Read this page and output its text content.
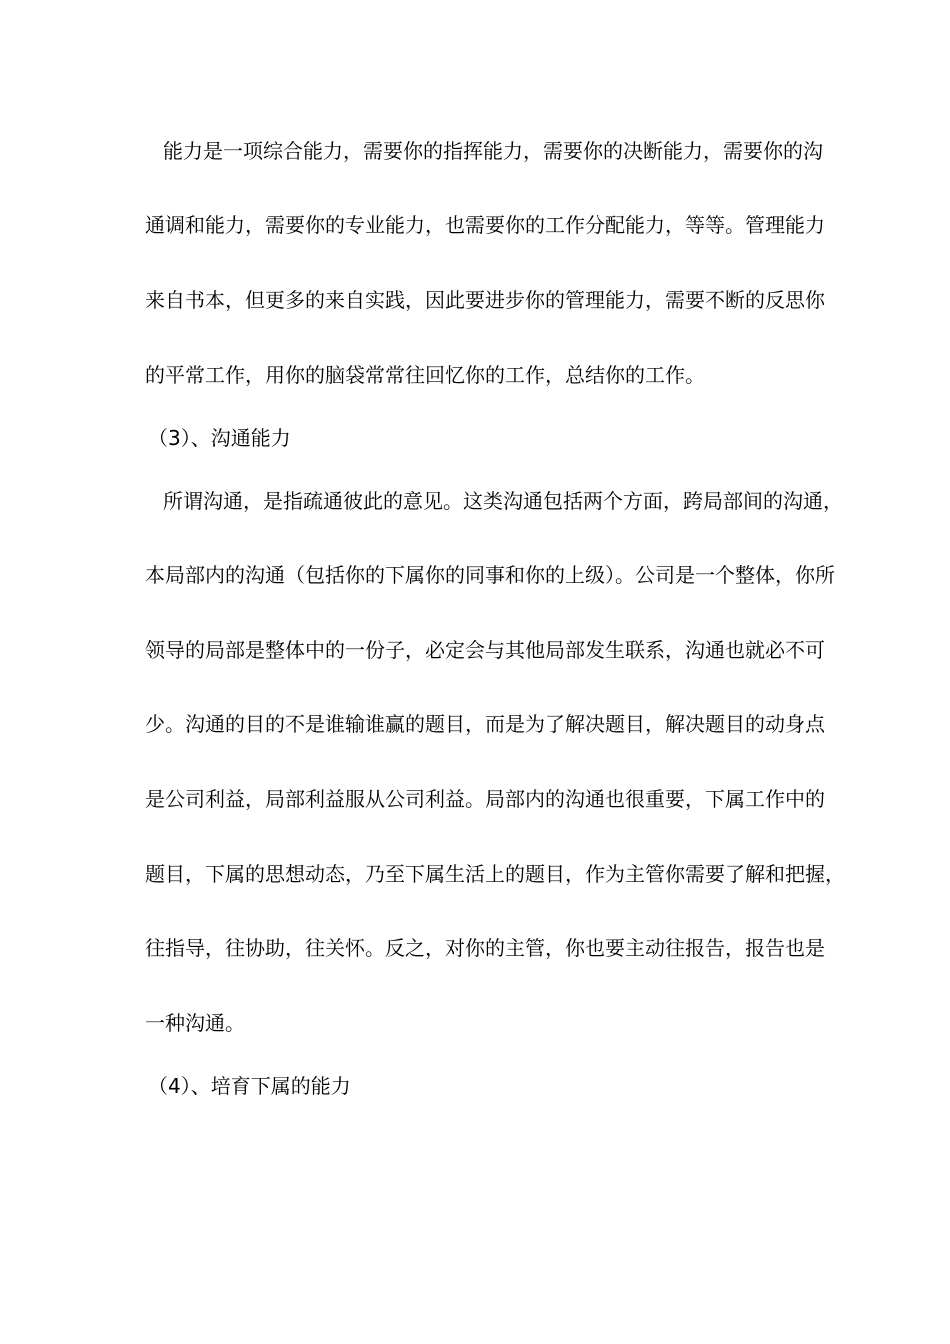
能力是一项综合能力，需要你的指挥能力，需要你的决断能力，需要你的沟
通调和能力，需要你的专业能力，也需要你的工作分配能力，等等。管理能力
来自书本，但更多的来自实践，因此要进步你的管理能力，需要不断的反思你
的平常工作，用你的脑袋常常往回忆你的工作，总结你的工作。
（3）、沟通能力
所谓沟通，是指疏通彼此的意见。这类沟通包括两个方面，跨局部间的沟通，
本局部内的沟通（包括你的下属你的同事和你的上级）。公司是一个整体，你所
领导的局部是整体中的一份子，必定会与其他局部发生联系，沟通也就必不可
少。沟通的目的不是谁输谁赢的题目，而是为了解决题目，解决题目的动身点
是公司利益，局部利益服从公司利益。局部内的沟通也很重要，下属工作中的
题目，下属的思想动态，乃至下属生活上的题目，作为主管你需要了解和把握，
往指导，往协助，往关怀。反之，对你的主管，你也要主动往报告，报告也是
一种沟通。
（4）、培育下属的能力
